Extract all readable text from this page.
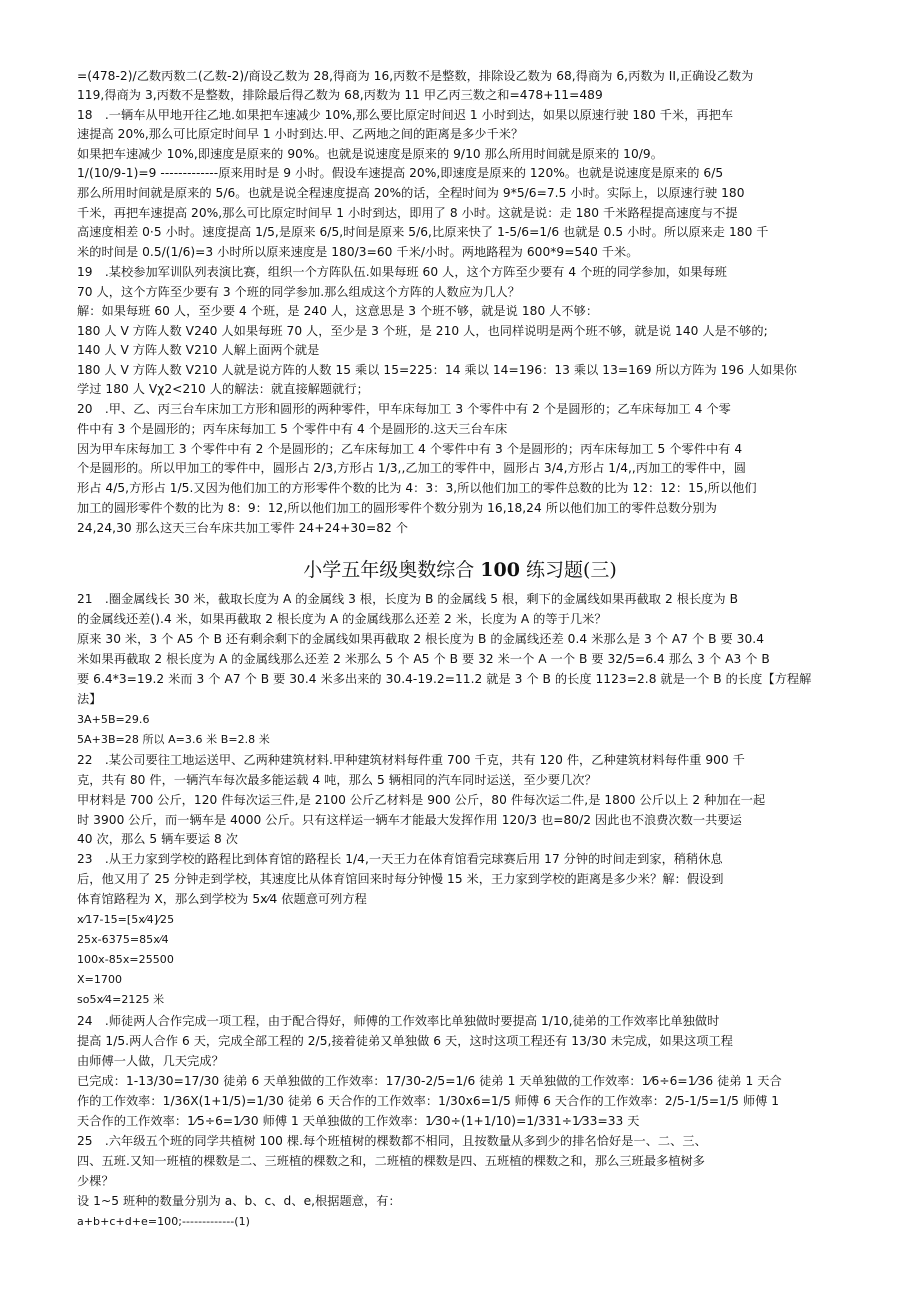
=(478-2)/乙数丙数二(乙数-2)/商设乙数为 28,得商为 16,丙数不是整数，排除设乙数为 68,得商为 6,丙数为 II,正确设乙数为
119,得商为 3,丙数不是整数，排除最后得乙数为 68,丙数为 11 甲乙丙三数之和=478+11=489
18　.一辆车从甲地开往乙地.如果把车速减少 10%,那么要比原定时间迟 1 小时到达，如果以原速行驶 180 千米，再把车
速提高 20%,那么可比原定时间早 1 小时到达.甲、乙两地之间的距离是多少千米？
如果把车速减少 10%,即速度是原来的 90%。也就是说速度是原来的 9/10 那么所用时间就是原来的 10/9。
1/(10/9-1)=9 -------------原来用时是 9 小时。假设车速提高 20%,即速度是原来的 120%。也就是说速度是原来的 6/5
那么所用时间就是原来的 5/6。也就是说全程速度提高 20%的话，全程时间为 9*5/6=7.5 小时。实际上，以原速行驶 180
千米，再把车速提高 20%,那么可比原定时间早 1 小时到达，即用了 8 小时。这就是说：走 180 千米路程提高速度与不提
高速度相差 0·5 小时。速度提高 1/5,是原来 6/5,时间是原来 5/6,比原来快了 1-5/6=1/6 也就是 0.5 小时。所以原来走 180 千
米的时间是 0.5/(1/6)=3 小时所以原来速度是 180/3=60 千米/小时。两地路程为 600*9=540 千米。
19　.某校参加军训队列表演比赛，组织一个方阵队伍.如果每班 60 人，这个方阵至少要有 4 个班的同学参加，如果每班
70 人，这个方阵至少要有 3 个班的同学参加.那么组成这个方阵的人数应为几人？
解：如果每班 60 人，至少要 4 个班，是 240 人，这意思是 3 个班不够，就是说 180 人不够：
180 人 V 方阵人数 V240 人如果每班 70 人，至少是 3 个班，是 210 人，也同样说明是两个班不够，就是说 140 人是不够的;
140 人 V 方阵人数 V210 人解上面两个就是
180 人 V 方阵人数 V210 人就是说方阵的人数 15 乘以 15=225：14 乘以 14=196：13 乘以 13=169 所以方阵为 196 人如果你
学过 180 人 Vχ2<210 人的解法：就直接解题就行；
20　.甲、乙、丙三台车床加工方形和圆形的两种零件，甲车床每加工 3 个零件中有 2 个是圆形的；乙车床每加工 4 个零
件中有 3 个是圆形的；丙车床每加工 5 个零件中有 4 个是圆形的.这天三台车床
因为甲车床每加工 3 个零件中有 2 个是圆形的；乙车床每加工 4 个零件中有 3 个是圆形的；丙车床每加工 5 个零件中有 4
个是圆形的。所以甲加工的零件中，圆形占 2/3,方形占 1/3,,乙加工的零件中，圆形占 3/4,方形占 1/4,,丙加工的零件中，圆
形占 4/5,方形占 1/5.又因为他们加工的方形零件个数的比为 4：3：3,所以他们加工的零件总数的比为 12：12：15,所以他们
加工的圆形零件个数的比为 8：9：12,所以他们加工的圆形零件个数分别为 16,18,24 所以他们加工的零件总数分别为
24,24,30 那么这天三台车床共加工零件 24+24+30=82 个
小学五年级奥数综合 100 练习题(三)
21　.圈金属线长 30 米，截取长度为 A 的金属线 3 根，长度为 B 的金属线 5 根，剩下的金属线如果再截取 2 根长度为 B
的金属线还差().4 米，如果再截取 2 根长度为 A 的金属线那么还差 2 米，长度为 A 的等于几米？
原来 30 米，3 个 A5 个 B 还有剩余剩下的金属线如果再截取 2 根长度为 B 的金属线还差 0.4 米那么是 3 个 A7 个 B 要 30.4
米如果再截取 2 根长度为 A 的金属线那么还差 2 米那么 5 个 A5 个 B 要 32 米一个 A 一个 B 要 32/5=6.4 那么 3 个 A3 个 B
要 6.4*3=19.2 米而 3 个 A7 个 B 要 30.4 米多出来的 30.4-19.2=11.2 就是 3 个 B 的长度 1123=2.8 就是一个 B 的长度【方程解
法】
3A+5B=29.6
5A+3B=28 所以 A=3.6 米 B=2.8 米
22　.某公司要往工地运送甲、乙两种建筑材料.甲种建筑材料每件重 700 千克，共有 120 件，乙种建筑材料每件重 900 千
克，共有 80 件，一辆汽车每次最多能运载 4 吨，那么 5 辆相同的汽车同时运送，至少要几次？
甲材料是 700 公斤，120 件每次运三件,是 2100 公斤乙材料是 900 公斤，80 件每次运二件,是 1800 公斤以上 2 种加在一起
时 3900 公斤，而一辆车是 4000 公斤。只有这样运一辆车才能最大发挥作用 120/3 也=80/2 因此也不浪费次数一共要运
40 次，那么 5 辆车要运 8 次
23　.从王力家到学校的路程比到体育馆的路程长 1/4,一天王力在体育馆看完球赛后用 17 分钟的时间走到家，稍稍休息
后，他又用了 25 分钟走到学校，其速度比从体育馆回来时每分钟慢 15 米，王力家到学校的距离是多少米？解：假设到
体育馆路程为 X，那么到学校为 5x⁄4 依题意可列方程
x⁄17-15=[5x⁄4]⁄25
25x-6375=85x⁄4
100x-85x=25500
X=1700
so5x⁄4=2125 米
24　.师徒两人合作完成一项工程，由于配合得好，师傅的工作效率比单独做时要提高 1/10,徒弟的工作效率比单独做时
提高 1/5.两人合作 6 天，完成全部工程的 2/5,接着徒弟又单独做 6 天，这时这项工程还有 13/30 未完成，如果这项工程
由师傅一人做，几天完成？
已完成：1-13/30=17/30 徒弟 6 天单独做的工作效率：17/30-2/5=1/6 徒弟 1 天单独做的工作效率：1⁄6÷6=1⁄36 徒弟 1 天合
作的工作效率：1/36X(1+1/5)=1/30 徒弟 6 天合作的工作效率：1/30x6=1/5 师傅 6 天合作的工作效率：2/5-1/5=1/5 师傅 1
天合作的工作效率：1⁄5÷6=1⁄30 师傅 1 天单独做的工作效率：1⁄30÷(1+1/10)=1/331÷1⁄33=33 天
25　.六年级五个班的同学共植树 100 棵.每个班植树的棵数都不相同，且按数量从多到少的排名恰好是一、二、三、
四、五班.又知一班植的棵数是二、三班植的棵数之和，二班植的棵数是四、五班植的棵数之和，那么三班最多植树多
少棵？
设 1~5 班种的数量分别为 a、b、c、d、e,根据题意，有：
a+b+c+d+e=100;-------------(1)
